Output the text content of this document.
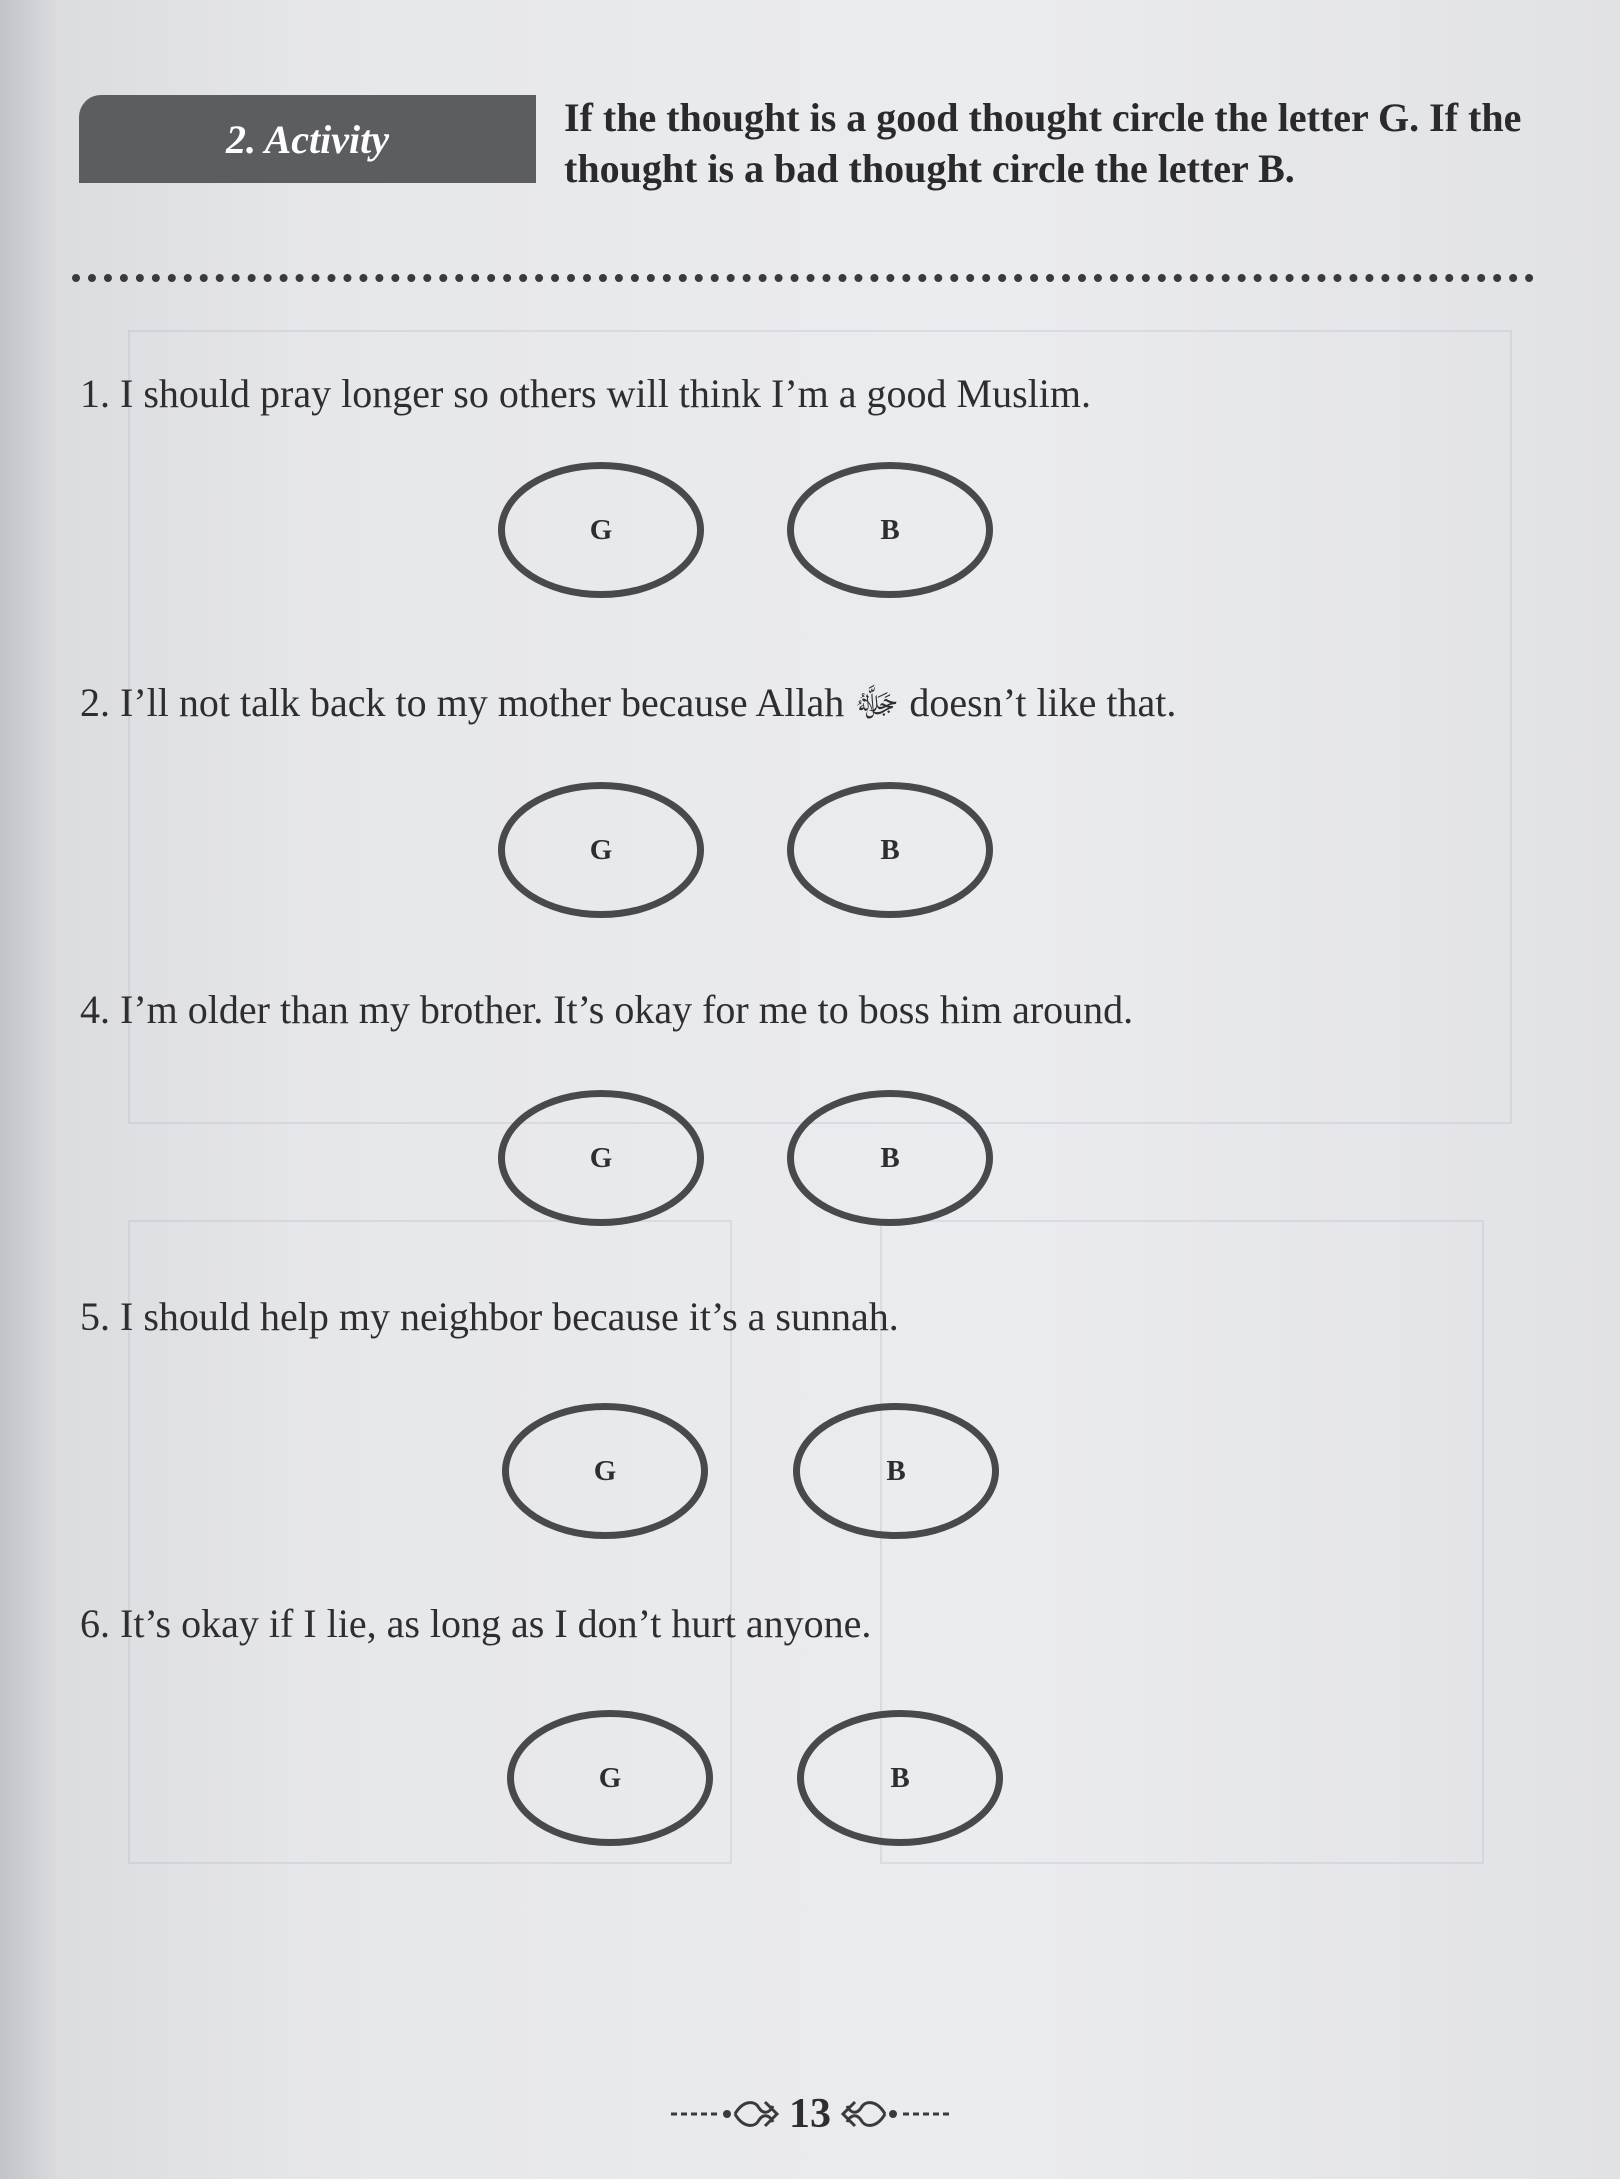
2. Activity	If the thought is a good thought circle the letter G. If the thought is a bad thought circle the letter B.
1. I should pray longer so others will think I’m a good Muslim.
G	B
2. I’ll not talk back to my mother because Allah ﷻ doesn’t like that.
G	B
4. I’m older than my brother. It’s okay for me to boss him around.
G	B
5. I should help my neighbor because it’s a sunnah.
G	B
6. It’s okay if I lie, as long as I don’t hurt anyone.
G	B
13
